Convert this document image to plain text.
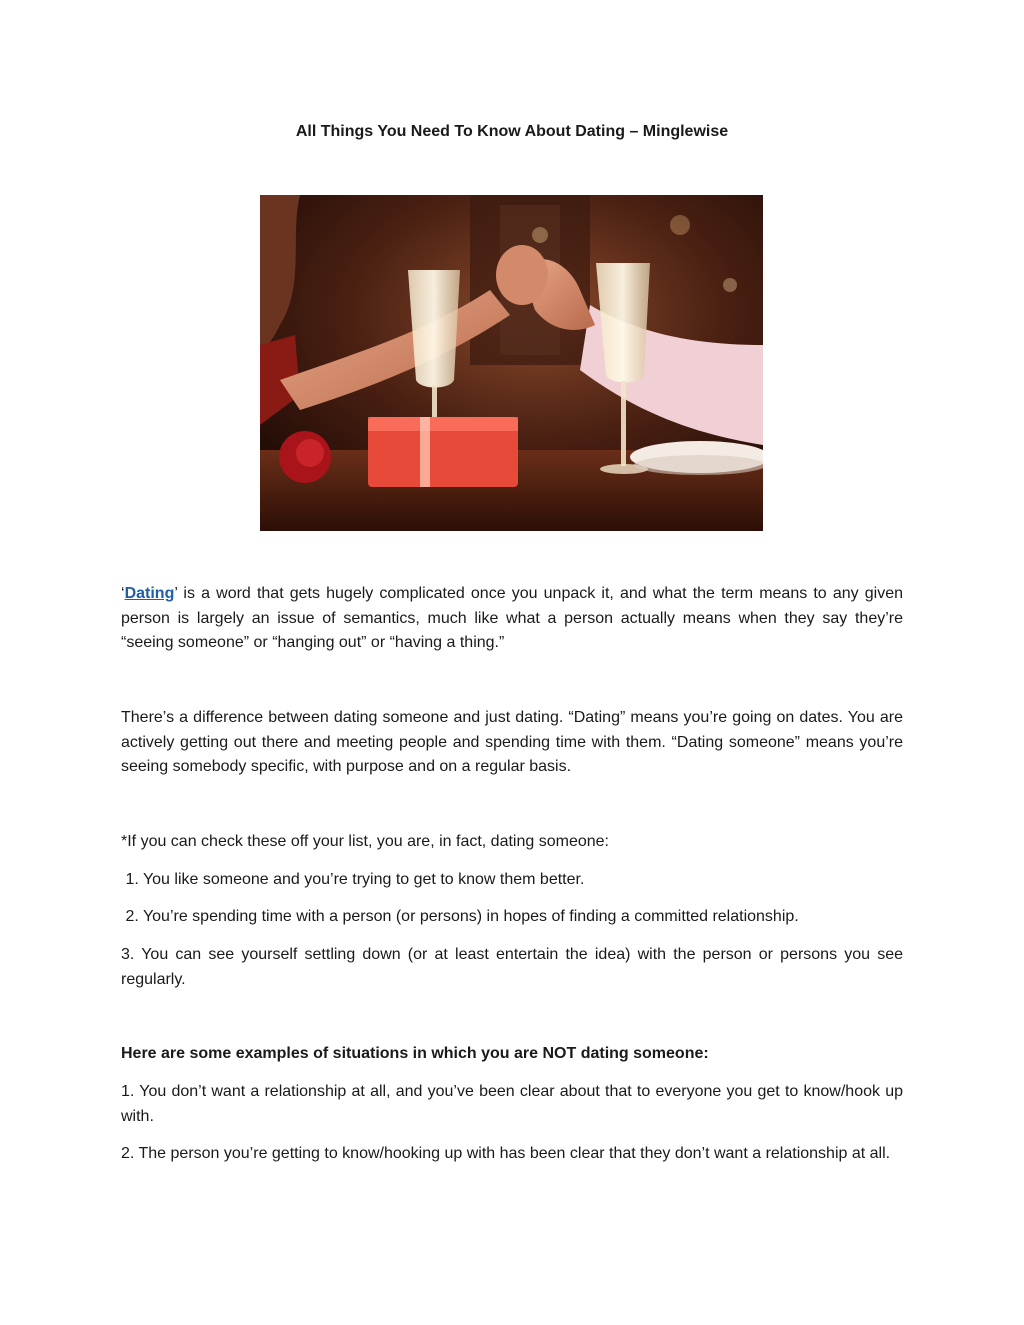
All Things You Need To Know About Dating – Minglewise

‘Dating’ is a word that gets hugely complicated once you unpack it, and what the term means to any given person is largely an issue of semantics, much like what a person actually means when they say they’re “seeing someone” or “hanging out” or “having a thing.”

There’s a difference between dating someone and just dating. “Dating” means you’re going on dates. You are actively getting out there and meeting people and spending time with them. “Dating someone” means you’re seeing somebody specific, with purpose and on a regular basis.

*If you can check these off your list, you are, in fact, dating someone:

1. You like someone and you’re trying to get to know them better.

2. You’re spending time with a person (or persons) in hopes of finding a committed relationship.

3. You can see yourself settling down (or at least entertain the idea) with the person or persons you see regularly.

Here are some examples of situations in which you are NOT dating someone:

1. You don’t want a relationship at all, and you’ve been clear about that to everyone you get to know/hook up with.

2. The person you’re getting to know/hooking up with has been clear that they don’t want a relationship at all.
